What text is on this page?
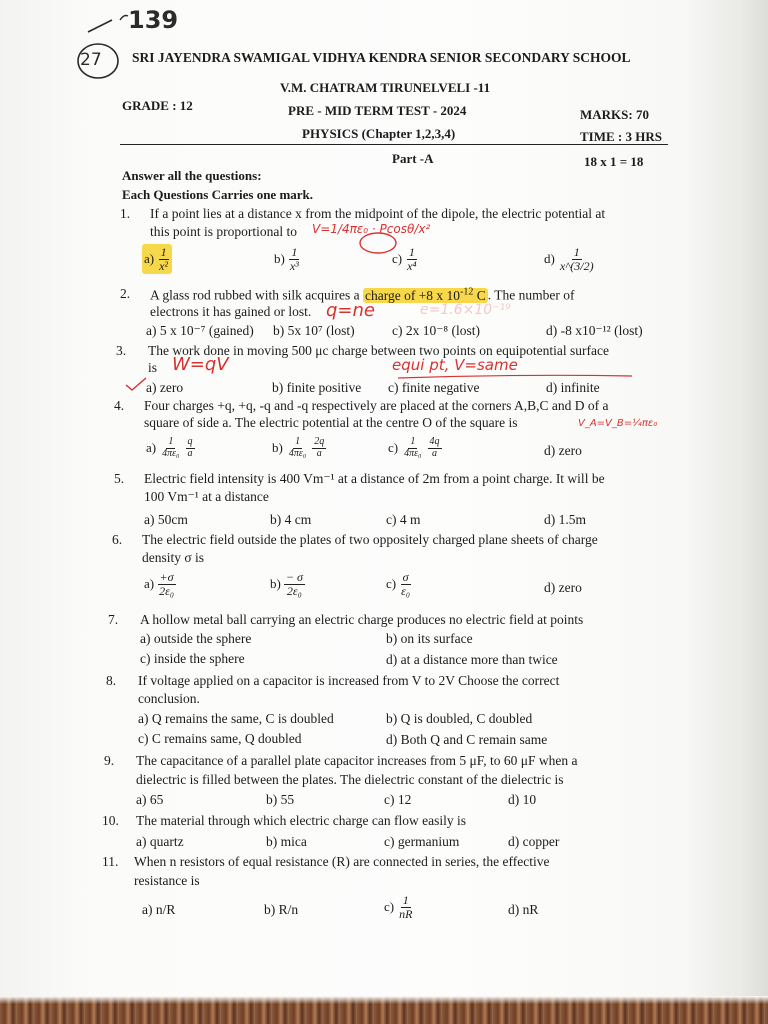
139
27 SRI JAYENDRA SWAMIGAL VIDHYA KENDRA SENIOR SECONDARY SCHOOL
V.M. CHATRAM TIRUNELVELI -11
GRADE : 12	PRE - MID TERM TEST - 2024	MARKS: 70
PHYSICS (Chapter 1,2,3,4)	TIME : 3 HRS
Part -A	18 x 1 = 18
Answer all the questions:
Each Questions Carries one mark.
1. If a point lies at a distance x from the midpoint of the dipole, the electric potential at
this point is proportional to V=1/4πε₀ · Pcosθ/x²
a) 1
x²	b) 1
x³	c) 1
x⁴	d) 1
x^(3/2)
2. A glass rod rubbed with silk acquires a charge of +8 x $10^{-12}$ C . The number of
electrons it has gained or lost. q=ne	e=1.6×10⁻¹⁹
a) 5 x 10⁻⁷ (gained) b) 5x 10⁷ (lost)	c) 2x 10⁻⁸ (lost)	d) -8 x10⁻¹² (lost)
3. The work done in moving 500 μc charge between two points on equipotential surface
is W=qV	equi pt, V=same
a) zero	b) finite positive c) finite negative	d) infinite
4. Four charges +q, +q, -q and -q respectively are placed at the corners A,B,C and D of a
square of side a. The electric potential at the centre O of the square is	V_A=V_B=¼πε₀
a) 1
4πε₀
q
a	b) 1
4πε₀
2q
a	c) 1
4πε₀
4q
a	d) zero
5. Electric field intensity is 400 Vm⁻¹ at a distance of 2m from a point charge. It will be
100 Vm⁻¹ at a distance
a) 50cm	b) 4 cm	c) 4 m	d) 1.5m
6. The electric field outside the plates of two oppositely charged plane sheets of charge
density σ is
a) +σ
2ε₀	b) − σ
2ε₀	c) σ
ε₀	d) zero
7. A hollow metal ball carrying an electric charge produces no electric field at points
a) outside the sphere	b) on its surface
c) inside the sphere	d) at a distance more than twice
8. If voltage applied on a capacitor is increased from V to 2V Choose the correct
conclusion.
a) Q remains the same, C is doubled	b) Q is doubled, C doubled
c) C remains same, Q doubled	d) Both Q and C remain same
9. The capacitance of a parallel plate capacitor increases from 5 μF, to 60 μF when a
dielectric is filled between the plates. The dielectric constant of the dielectric is
a) 65	b) 55	c) 12	d) 10
10. The material through which electric charge can flow easily is
a) quartz	b) mica	c) germanium	d) copper
11. When n resistors of equal resistance (R) are connected in series, the effective
resistance is
a) n/R	b) R/n	c) 1
nR	d) nR
